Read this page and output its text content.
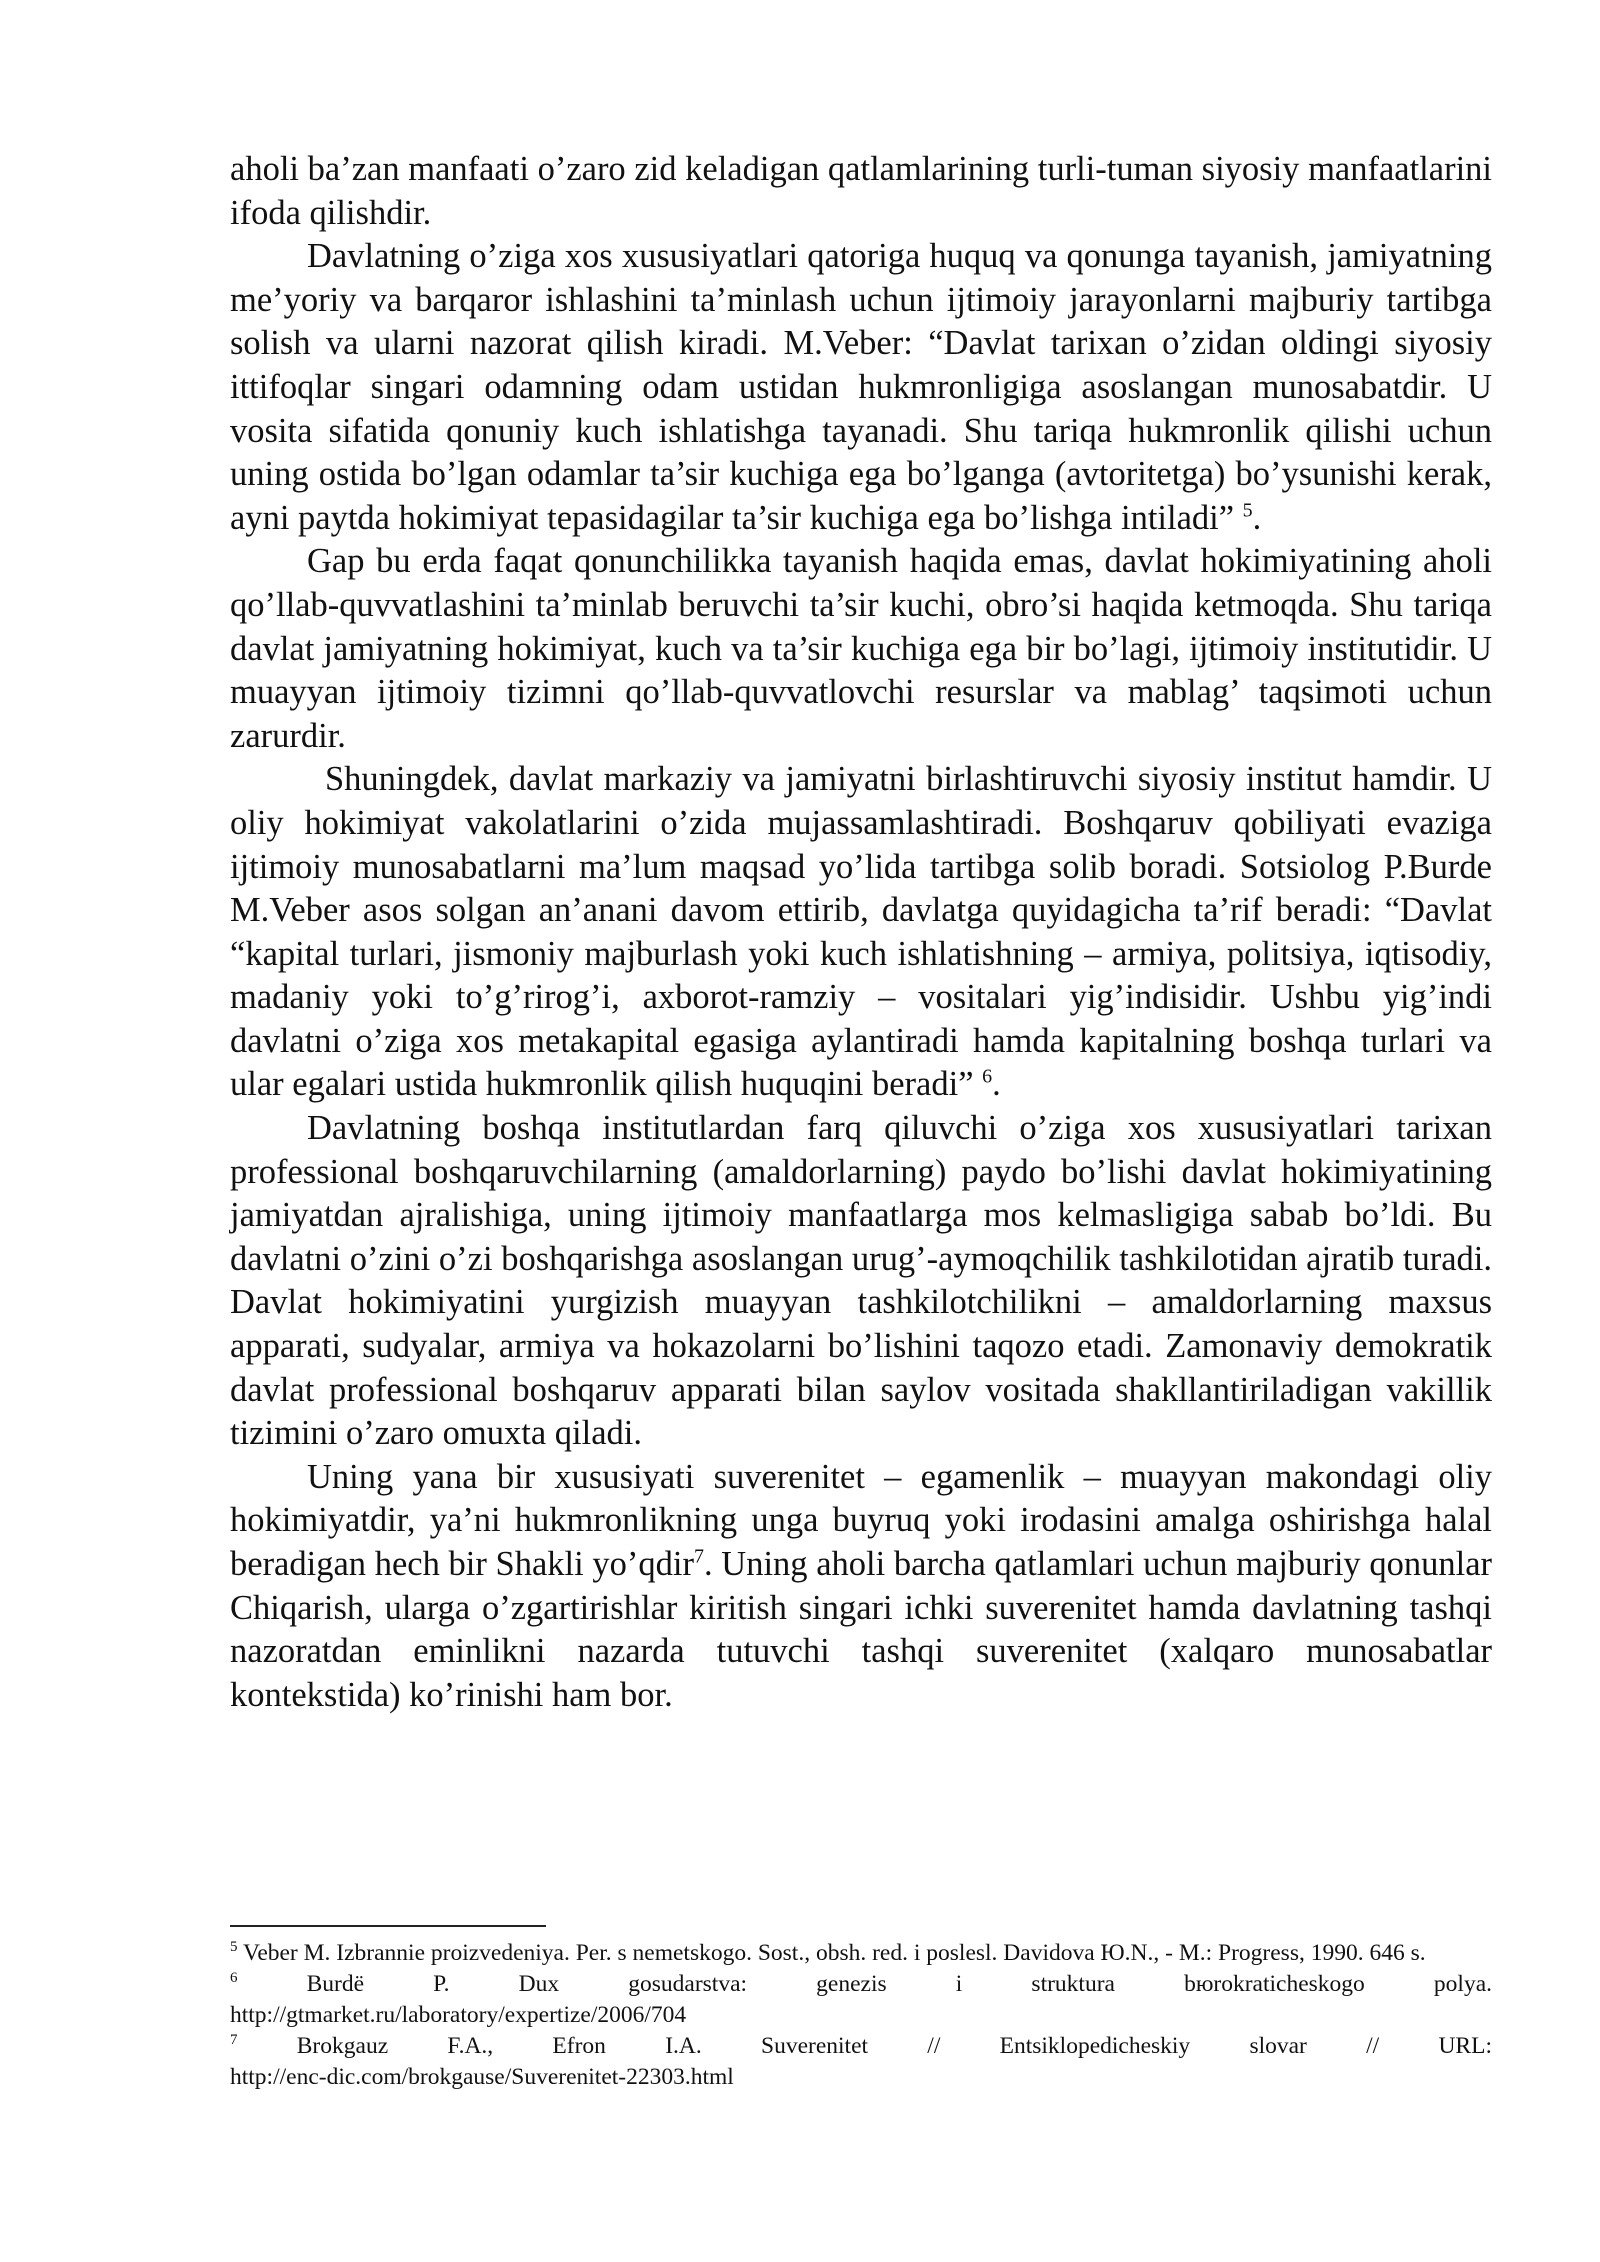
aholi ba’zan manfaati o’zaro zid keladigan qatlamlarining turli-tuman siyosiy manfaatlarini ifoda qilishdir.

Davlatning o’ziga xos xususiyatlari qatoriga huquq va qonunga tayanish, jamiyatning me’yoriy va barqaror ishlashini ta’minlash uchun ijtimoiy jarayonlarni majburiy tartibga solish va ularni nazorat qilish kiradi. M.Veber: “Davlat tarixan o’zidan oldingi siyosiy ittifoqlar singari odamning odam ustidan hukmronligiga asoslangan munosabatdir. U vosita sifatida qonuniy kuch ishlatishga tayanadi. Shu tariqa hukmronlik qilishi uchun uning ostida bo’lgan odamlar ta’sir kuchiga ega bo’lganga (avtoritetga) bo’ysunishi kerak, ayni paytda hokimiyat tepasidagilar ta’sir kuchiga ega bo’lishga intiladi” $^5$.

Gap bu erda faqat qonunchilikka tayanish haqida emas, davlat hokimiyatining aholi qo’llab-quvvatlashini ta’minlab beruvchi ta’sir kuchi, obro’si haqida ketmoqda. Shu tariqa davlat jamiyatning hokimiyat, kuch va ta’sir kuchiga ega bir bo’lagi, ijtimoiy institutidir. U muayyan ijtimoiy tizimni qo’llab-quvvatlovchi resurslar va mablag’ taqsimoti uchun zarurdir.

Shuningdek, davlat markaziy va jamiyatni birlashtiruvchi siyosiy institut hamdir. U oliy hokimiyat vakolatlarini o’zida mujassamlashtiradi. Boshqaruv qobiliyati evaziga ijtimoiy munosabatlarni ma’lum maqsad yo’lida tartibga solib boradi. Sotsiolog P.Burde M.Veber asos solgan an’anani davom ettirib, davlatga quyidagicha ta’rif beradi: “Davlat “kapital turlari, jismoniy majburlash yoki kuch ishlatishning – armiya, politsiya, iqtisodiy, madaniy yoki to’g’rirog’i, axborot-ramziy – vositalari yig’indisidir. Ushbu yig’indi davlatni o’ziga xos metakapital egasiga aylantiradi hamda kapitalning boshqa turlari va ular egalari ustida hukmronlik qilish huquqini beradi” $^6$.

Davlatning boshqa institutlardan farq qiluvchi o’ziga xos xususiyatlari tarixan professional boshqaruvchilarning (amaldorlarning) paydo bo’lishi davlat hokimiyatining jamiyatdan ajralishiga, uning ijtimoiy manfaatlarga mos kelmasligiga sabab bo’ldi. Bu davlatni o’zini o’zi boshqarishga asoslangan urug’-aymoqchilik tashkilotidan ajratib turadi. Davlat hokimiyatini yurgizish muayyan tashkilotchilikni – amaldorlarning maxsus apparati, sudyalar, armiya va hokazolarni bo’lishini taqozo etadi. Zamonaviy demokratik davlat professional boshqaruv apparati bilan saylov vositada shakllantiriladigan vakillik tizimini o’zaro omuxta qiladi.

Uning yana bir xususiyati suverenitet – egamenlik – muayyan makondagi oliy hokimiyatdir, ya’ni hukmronlikning unga buyruq yoki irodasini amalga oshirishga halal beradigan hech bir Shakli yo’qdir$^7$. Uning aholi barcha qatlamlari uchun majburiy qonunlar Chiqarish, ularga o’zgartirishlar kiritish singari ichki suverenitet hamda davlatning tashqi nazoratdan eminlikni nazarda tutuvchi tashqi suverenitet (xalqaro munosabatlar kontekstida) ko’rinishi ham bor.

$^5$ Veber M. Izbrannie proizvedeniya. Per. s nemetskogo. Sost., obsh. red. i poslesl. Davidova Ю.N., - M.: Progress, 1990. 646 s.

$^6$ Burdё P. Dux gosudarstva: genezis i struktura bюrokraticheskogo polya.

http://gtmarket.ru/laboratory/expertize/2006/704

$^7$ Brokgauz F.A., Efron I.A. Suverenitet // Entsiklopedicheskiy slovar // URL:

http://enc-dic.com/brokgause/Suverenitet-22303.html
